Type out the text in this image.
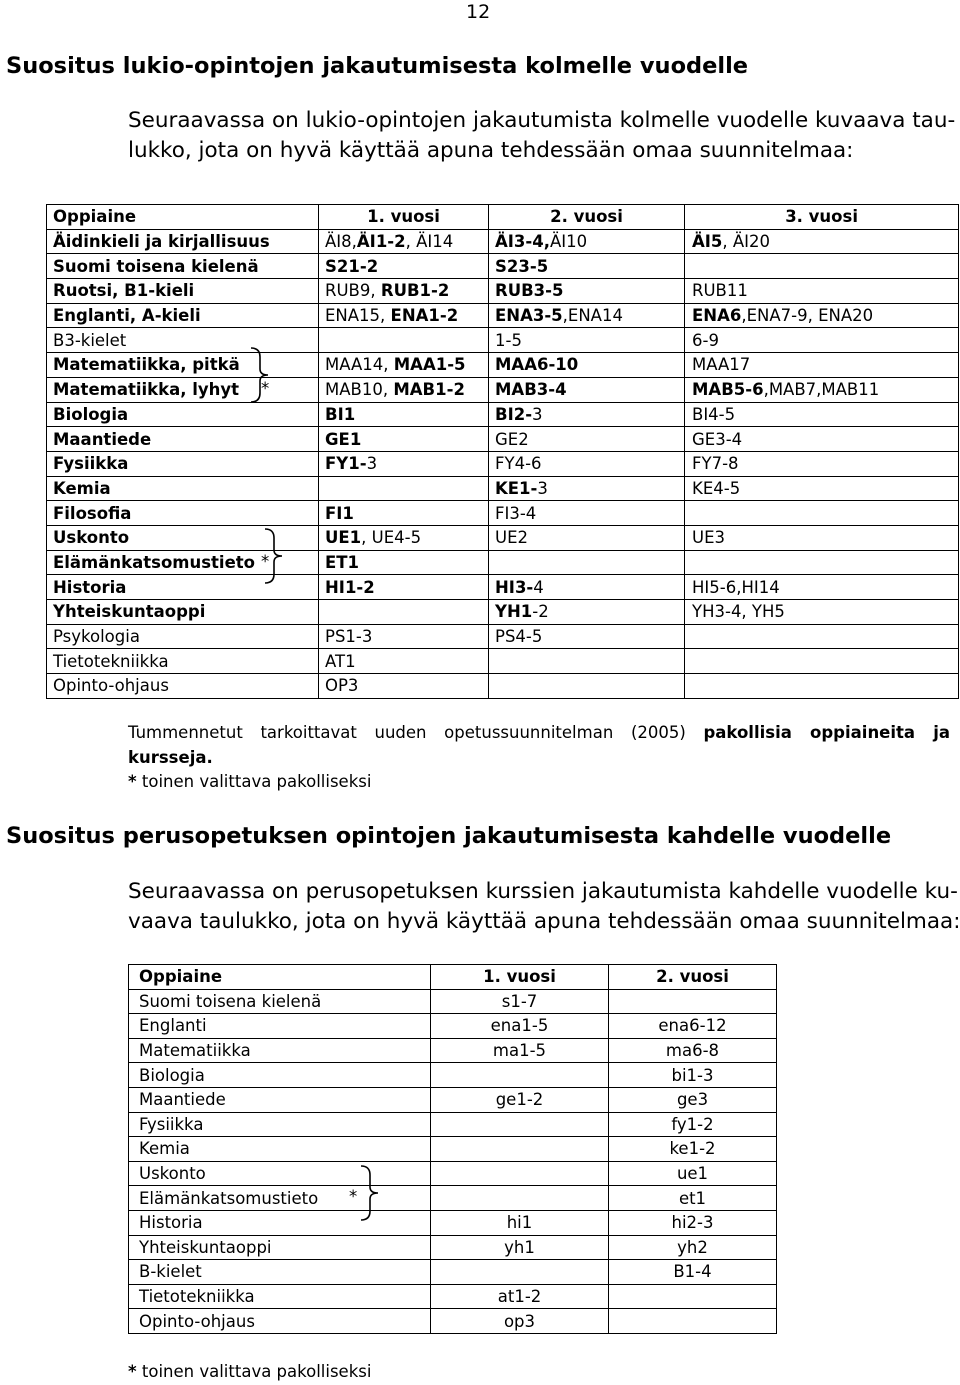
12
Suositus lukio-opintojen jakautumisesta kolmelle vuodelle
Seuraavassa on lukio-opintojen jakautumista kolmelle vuodelle kuvaava tau-
lukko, jota on hyvä käyttää apuna tehdessään omaa suunnitelmaa:
Oppiaine	1. vuosi	2. vuosi	3. vuosi
Äidinkieli ja kirjallisuus	ÄI8,ÄI1-2, ÄI14	ÄI3-4,ÄI10	ÄI5, ÄI20
Suomi toisena kielenä	S21-2	S23-5	
Ruotsi, B1-kieli	RUB9, RUB1-2	RUB3-5	RUB11
Englanti, A-kieli	ENA15, ENA1-2	ENA3-5,ENA14	ENA6,ENA7-9, ENA20
B3-kielet		1-5	6-9
Matematiikka, pitkä	MAA14, MAA1-5	MAA6-10	MAA17
Matematiikka, lyhyt *	MAB10, MAB1-2	MAB3-4	MAB5-6,MAB7,MAB11
Biologia	BI1	BI2-3	BI4-5
Maantiede	GE1	GE2	GE3-4
Fysiikka	FY1-3	FY4-6	FY7-8
Kemia		KE1-3	KE4-5
Filosofia	FI1	FI3-4	
Uskonto	UE1, UE4-5	UE2	UE3
Elämänkatsomustieto *	ET1		
Historia	HI1-2	HI3-4	HI5-6,HI14
Yhteiskuntaoppi		YH1-2	YH3-4, YH5
Psykologia	PS1-3	PS4-5	
Tietotekniikka	AT1		
Opinto-ohjaus	OP3		

Tummennetut tarkoittavat uuden opetussuunnitelman (2005) pakollisia oppiaineita ja kursseja.
* toinen valittava pakolliseksi

Suositus perusopetuksen opintojen jakautumisesta kahdelle vuodelle
Seuraavassa on perusopetuksen kurssien jakautumista kahdelle vuodelle ku-
vaava taulukko, jota on hyvä käyttää apuna tehdessään omaa suunnitelmaa:
Oppiaine	1. vuosi	2. vuosi
Suomi toisena kielenä	s1-7	
Englanti	ena1-5	ena6-12
Matematiikka	ma1-5	ma6-8
Biologia		bi1-3
Maantiede	ge1-2	ge3
Fysiikka		fy1-2
Kemia		ke1-2
Uskonto		ue1
Elämänkatsomustieto *		et1
Historia	hi1	hi2-3
Yhteiskuntaoppi	yh1	yh2
B-kielet		B1-4
Tietotekniikka	at1-2	
Opinto-ohjaus	op3	

* toinen valittava pakolliseksi
